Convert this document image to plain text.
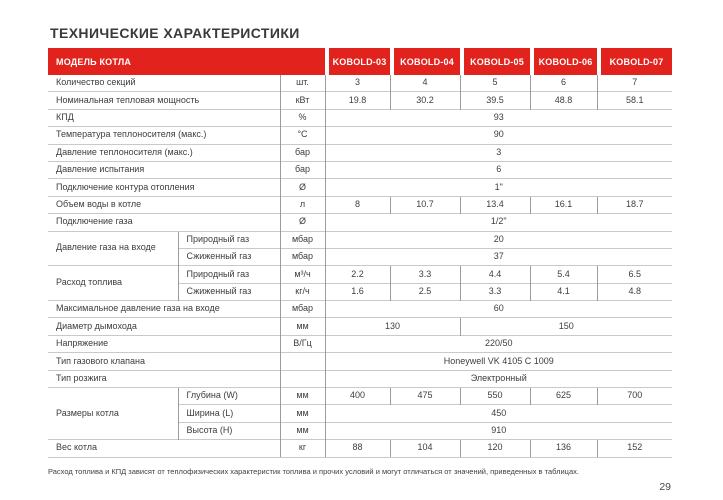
ТЕХНИЧЕСКИЕ ХАРАКТЕРИСТИКИ
МОДЕЛЬ КОТЛА			KOBOLD-03	KOBOLD-04	KOBOLD-05	KOBOLD-06	KOBOLD-07

Количество секций		шт.	3	4	5	6	7
Номинальная тепловая мощность		кВт	19.8	30.2	39.5	48.8	58.1
КПД		%	93				
Температура теплоносителя (макс.)		°C	90				
Давление теплоносителя (макс.)		бар	3				
Давление испытания		бар	6				
Подключение контура отопления		Ø	1"				
Объем воды в котле		л	8	10.7	13.4	16.1	18.7
Подключение газа		Ø	1/2"				
Давление газа на входе	Природный газ	мбар	20				
	Сжиженный газ	мбар	37				
Расход топлива	Природный газ	м³/ч	2.2	3.3	4.4	5.4	6.5
	Сжиженный газ	кг/ч	1.6	2.5	3.3	4.1	4.8
Максимальное давление газа на входе		мбар	60				
Диаметр дымохода		мм	130		150		
Напряжение		В/Гц	220/50				
Тип газового клапана			Honeywell VK 4105 C 1009				
Тип розжига			Электронный				
Размеры котла	Глубина (W)	мм	400	475	550	625	700
	Ширина (L)	мм	450				
	Высота (H)	мм	910				
Вес котла		кг	88	104	120	136	152
Расход топлива и КПД зависят от теплофизических характеристик топлива и прочих условий и могут отличаться от значений, приведенных в таблицах.
29
